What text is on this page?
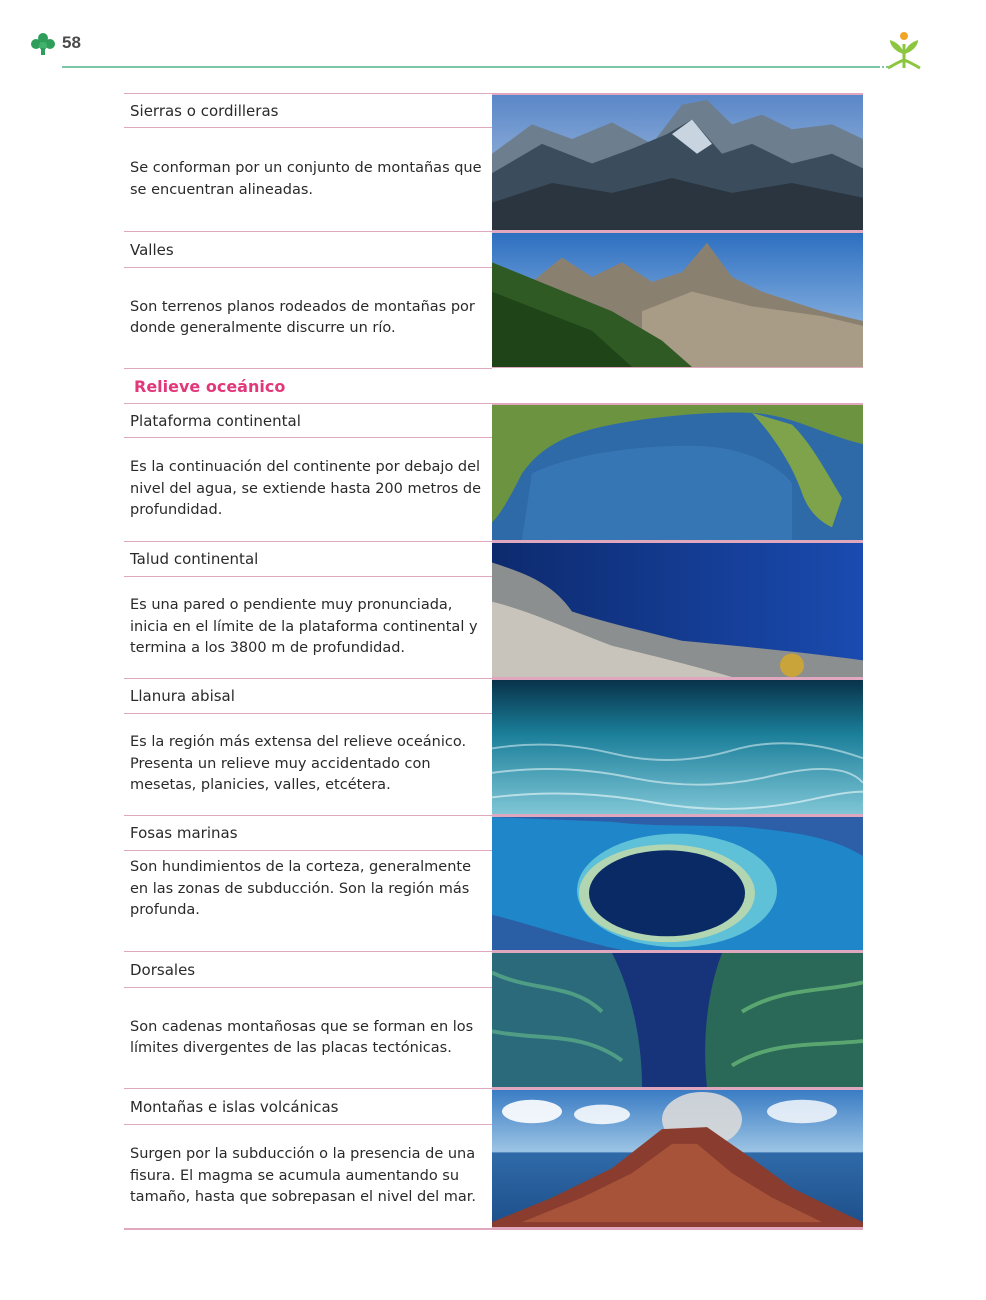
58
Sierras o cordilleras
Se conforman por un conjunto de montañas que se encuentran alineadas.
Valles
Son terrenos planos rodeados de montañas por donde generalmente discurre un río.
Relieve oceánico
Plataforma continental
Es la continuación del continente por debajo del nivel del agua, se extiende hasta 200 metros de profundidad.
Talud continental
Es una pared o pendiente muy pronunciada, inicia en el límite de la plataforma continental y termina a los 3800 m de profundidad.
Llanura abisal
Es la región más extensa del relieve oceánico. Presenta un relieve muy accidentado con mesetas, planicies, valles, etcétera.
Fosas marinas
Son hundimientos de la corteza, generalmente en las zonas de subducción. Son la región más profunda.
Dorsales
Son cadenas montañosas que se forman en los límites divergentes de las placas tectónicas.
Montañas e islas volcánicas
Surgen por la subducción o la presencia de una fisura. El magma se acumula aumentando su tamaño, hasta que sobrepasan el nivel del mar.
